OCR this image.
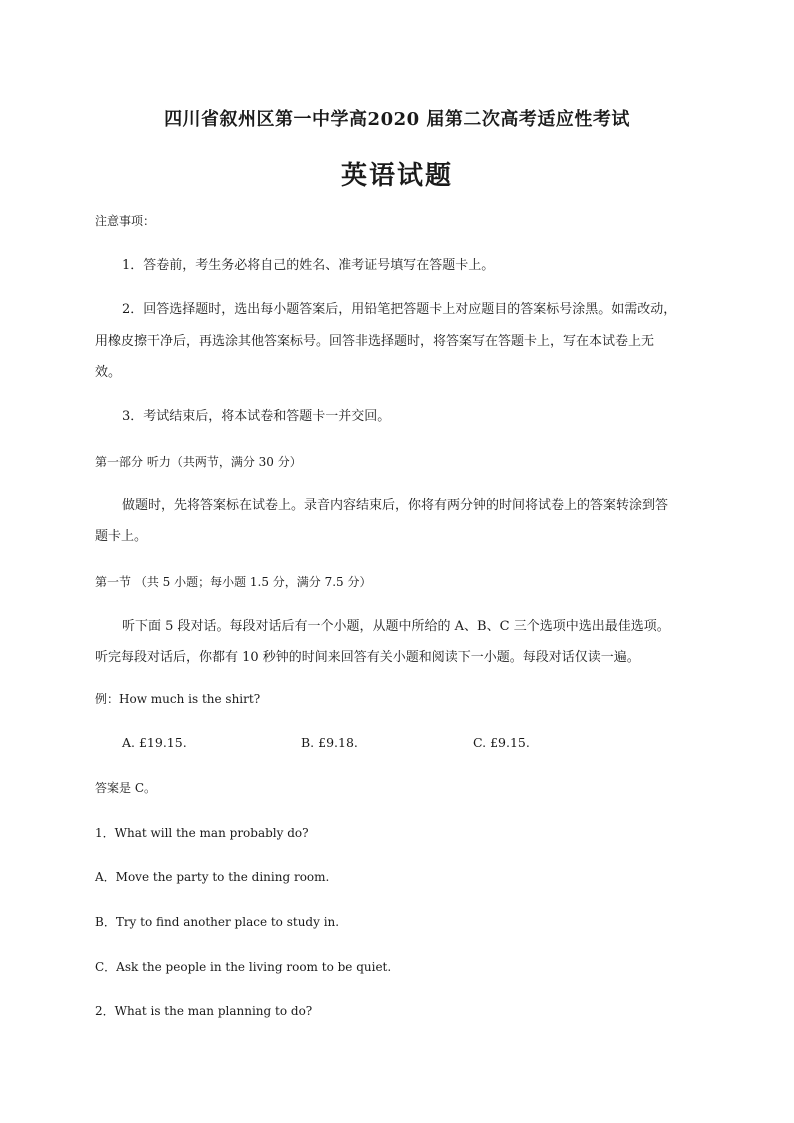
四川省叙州区第一中学高2020 届第二次高考适应性考试
英语试题
注意事项：
1．答卷前，考生务必将自己的姓名、准考证号填写在答题卡上。
2．回答选择题时，选出每小题答案后，用铅笔把答题卡上对应题目的答案标号涂黑。如需改动，
用橡皮擦干净后，再选涂其他答案标号。回答非选择题时，将答案写在答题卡上，写在本试卷上无
效。
3．考试结束后，将本试卷和答题卡一并交回。
第一部分 听力（共两节，满分 30 分）
做题时，先将答案标在试卷上。录音内容结束后，你将有两分钟的时间将试卷上的答案转涂到答
题卡上。
第一节 （共 5 小题；每小题 1.5 分，满分 7.5 分）
听下面 5 段对话。每段对话后有一个小题，从题中所给的 A、B、C 三个选项中选出最佳选项。
听完每段对话后，你都有 10 秒钟的时间来回答有关小题和阅读下一小题。每段对话仅读一遍。
例：How much is the shirt?
A. £19.15.	B. £9.18.	C. £9.15.
答案是 C。
1．What will the man probably do?
A．Move the party to the dining room.
B．Try to find another place to study in.
C．Ask the people in the living room to be quiet.
2．What is the man planning to do?
